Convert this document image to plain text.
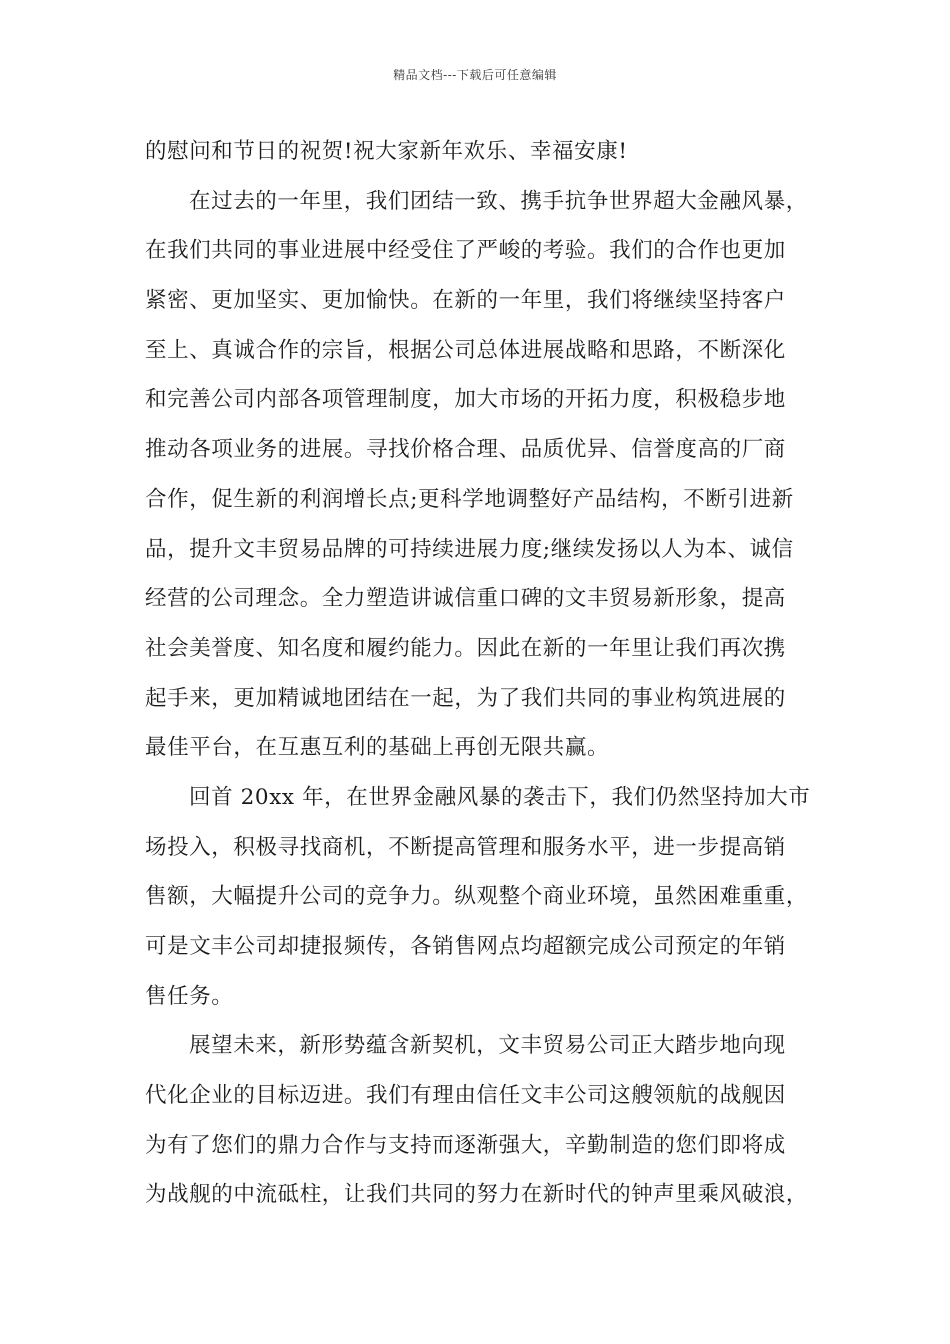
精品文档---下载后可任意编辑
的慰问和节日的祝贺!祝大家新年欢乐、幸福安康!
在过去的一年里，我们团结一致、携手抗争世界超大金融风暴，
在我们共同的事业进展中经受住了严峻的考验。我们的合作也更加
紧密、更加坚实、更加愉快。在新的一年里，我们将继续坚持客户
至上、真诚合作的宗旨，根据公司总体进展战略和思路，不断深化
和完善公司内部各项管理制度，加大市场的开拓力度，积极稳步地
推动各项业务的进展。寻找价格合理、品质优异、信誉度高的厂商
合作，促生新的利润增长点;更科学地调整好产品结构，不断引进新
品，提升文丰贸易品牌的可持续进展力度;继续发扬以人为本、诚信
经营的公司理念。全力塑造讲诚信重口碑的文丰贸易新形象，提高
社会美誉度、知名度和履约能力。因此在新的一年里让我们再次携
起手来，更加精诚地团结在一起，为了我们共同的事业构筑进展的
最佳平台，在互惠互利的基础上再创无限共赢。
回首 20xx 年，在世界金融风暴的袭击下，我们仍然坚持加大市
场投入，积极寻找商机，不断提高管理和服务水平，进一步提高销
售额，大幅提升公司的竞争力。纵观整个商业环境，虽然困难重重，
可是文丰公司却捷报频传，各销售网点均超额完成公司预定的年销
售任务。
展望未来，新形势蕴含新契机，文丰贸易公司正大踏步地向现
代化企业的目标迈进。我们有理由信任文丰公司这艘领航的战舰因
为有了您们的鼎力合作与支持而逐渐强大，辛勤制造的您们即将成
为战舰的中流砥柱，让我们共同的努力在新时代的钟声里乘风破浪，
